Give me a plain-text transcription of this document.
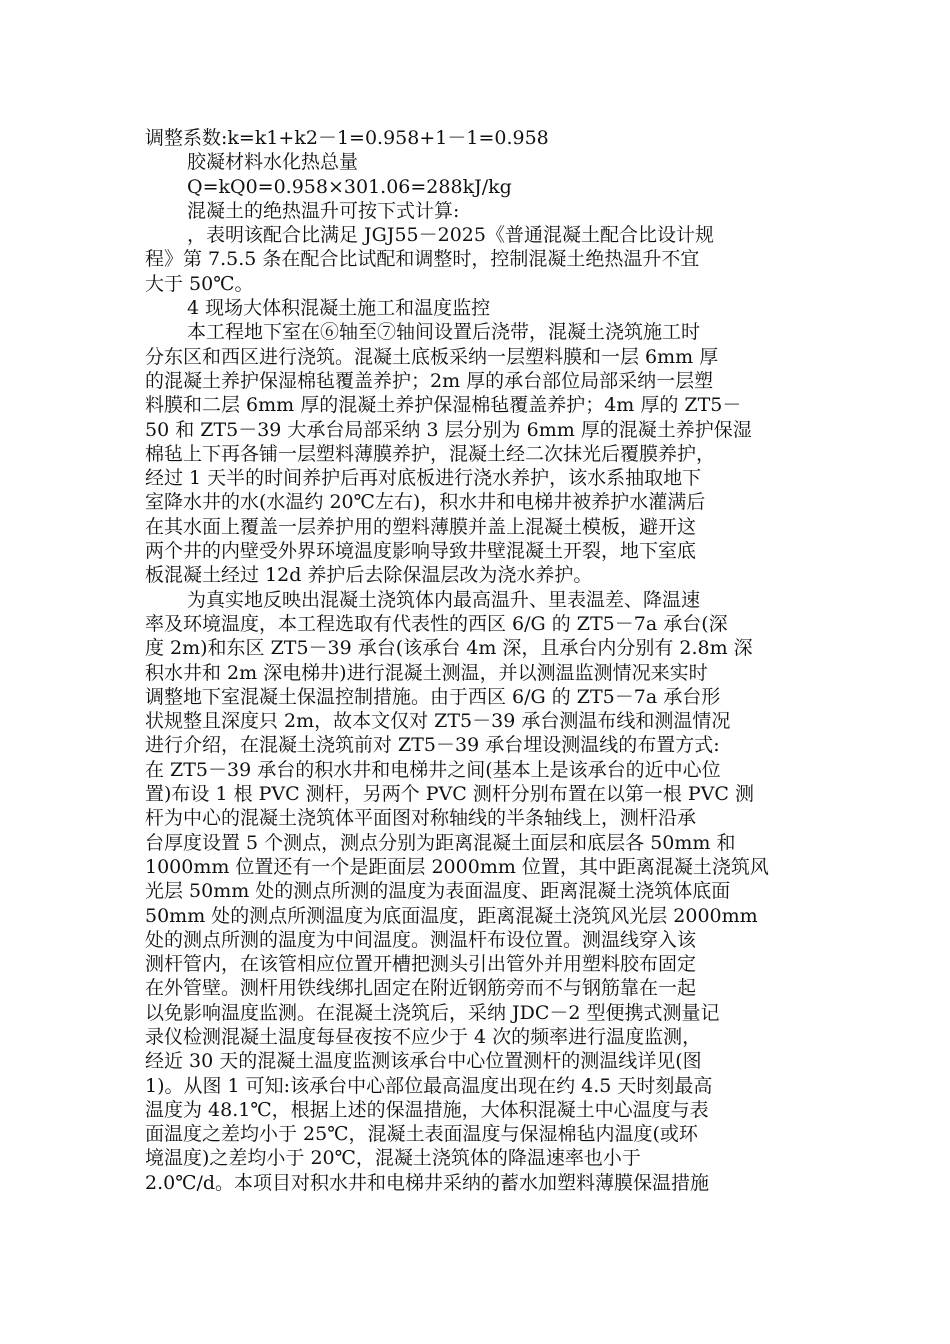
调整系数:k=k1+k2－1=0.958+1－1=0.958
胶凝材料水化热总量
Q=kQ0=0.958×301.06=288kJ/kg
混凝土的绝热温升可按下式计算:
，表明该配合比满足 JGJ55－2025《普通混凝土配合比设计规
程》第 7.5.5 条在配合比试配和调整时，控制混凝土绝热温升不宜
大于 50℃。
4 现场大体积混凝土施工和温度监控
本工程地下室在⑥轴至⑦轴间设置后浇带，混凝土浇筑施工时
分东区和西区进行浇筑。混凝土底板采纳一层塑料膜和一层 6mm 厚
的混凝土养护保湿棉毡覆盖养护；2m 厚的承台部位局部采纳一层塑
料膜和二层 6mm 厚的混凝土养护保湿棉毡覆盖养护；4m 厚的 ZT5－
50 和 ZT5－39 大承台局部采纳 3 层分别为 6mm 厚的混凝土养护保湿
棉毡上下再各铺一层塑料薄膜养护，混凝土经二次抹光后覆膜养护，
经过 1 天半的时间养护后再对底板进行浇水养护，该水系抽取地下
室降水井的水(水温约 20℃左右)，积水井和电梯井被养护水灌满后
在其水面上覆盖一层养护用的塑料薄膜并盖上混凝土模板，避开这
两个井的内壁受外界环境温度影响导致井壁混凝土开裂，地下室底
板混凝土经过 12d 养护后去除保温层改为浇水养护。
为真实地反映出混凝土浇筑体内最高温升、里表温差、降温速
率及环境温度，本工程选取有代表性的西区 6/G 的 ZT5－7a 承台(深
度 2m)和东区 ZT5－39 承台(该承台 4m 深，且承台内分别有 2.8m 深
积水井和 2m 深电梯井)进行混凝土测温，并以测温监测情况来实时
调整地下室混凝土保温控制措施。由于西区 6/G 的 ZT5－7a 承台形
状规整且深度只 2m，故本文仅对 ZT5－39 承台测温布线和测温情况
进行介绍，在混凝土浇筑前对 ZT5－39 承台埋设测温线的布置方式:
在 ZT5－39 承台的积水井和电梯井之间(基本上是该承台的近中心位
置)布设 1 根 PVC 测杆，另两个 PVC 测杆分别布置在以第一根 PVC 测
杆为中心的混凝土浇筑体平面图对称轴线的半条轴线上，测杆沿承
台厚度设置 5 个测点，测点分别为距离混凝土面层和底层各 50mm 和
1000mm 位置还有一个是距面层 2000mm 位置，其中距离混凝土浇筑风
光层 50mm 处的测点所测的温度为表面温度、距离混凝土浇筑体底面
50mm 处的测点所测温度为底面温度，距离混凝土浇筑风光层 2000mm
处的测点所测的温度为中间温度。测温杆布设位置。测温线穿入该
测杆管内，在该管相应位置开槽把测头引出管外并用塑料胶布固定
在外管壁。测杆用铁线绑扎固定在附近钢筋旁而不与钢筋靠在一起
以免影响温度监测。在混凝土浇筑后，采纳 JDC－2 型便携式测量记
录仪检测混凝土温度每昼夜按不应少于 4 次的频率进行温度监测，
经近 30 天的混凝土温度监测该承台中心位置测杆的测温线详见(图
1)。从图 1 可知:该承台中心部位最高温度出现在约 4.5 天时刻最高
温度为 48.1℃，根据上述的保温措施，大体积混凝土中心温度与表
面温度之差均小于 25℃，混凝土表面温度与保湿棉毡内温度(或环
境温度)之差均小于 20℃，混凝土浇筑体的降温速率也小于
2.0℃/d。本项目对积水井和电梯井采纳的蓄水加塑料薄膜保温措施
